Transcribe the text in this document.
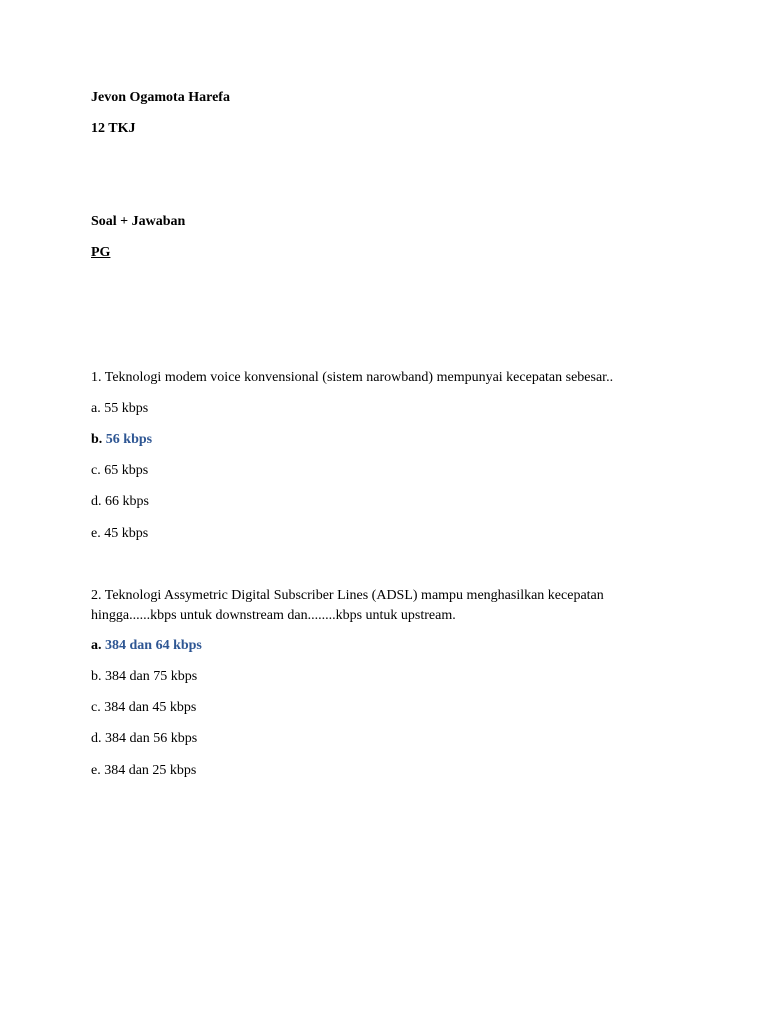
Jevon Ogamota Harefa
12 TKJ
Soal + Jawaban
PG
1. Teknologi modem voice konvensional (sistem narowband) mempunyai kecepatan sebesar..
a. 55 kbps
b. 56 kbps
c. 65 kbps
d. 66 kbps
e. 45 kbps
2. Teknologi Assymetric Digital Subscriber Lines (ADSL) mampu menghasilkan kecepatan hingga......kbps untuk downstream dan........kbps untuk upstream.
a. 384 dan 64 kbps
b. 384 dan 75 kbps
c. 384 dan 45 kbps
d. 384 dan 56 kbps
e. 384 dan 25 kbps
